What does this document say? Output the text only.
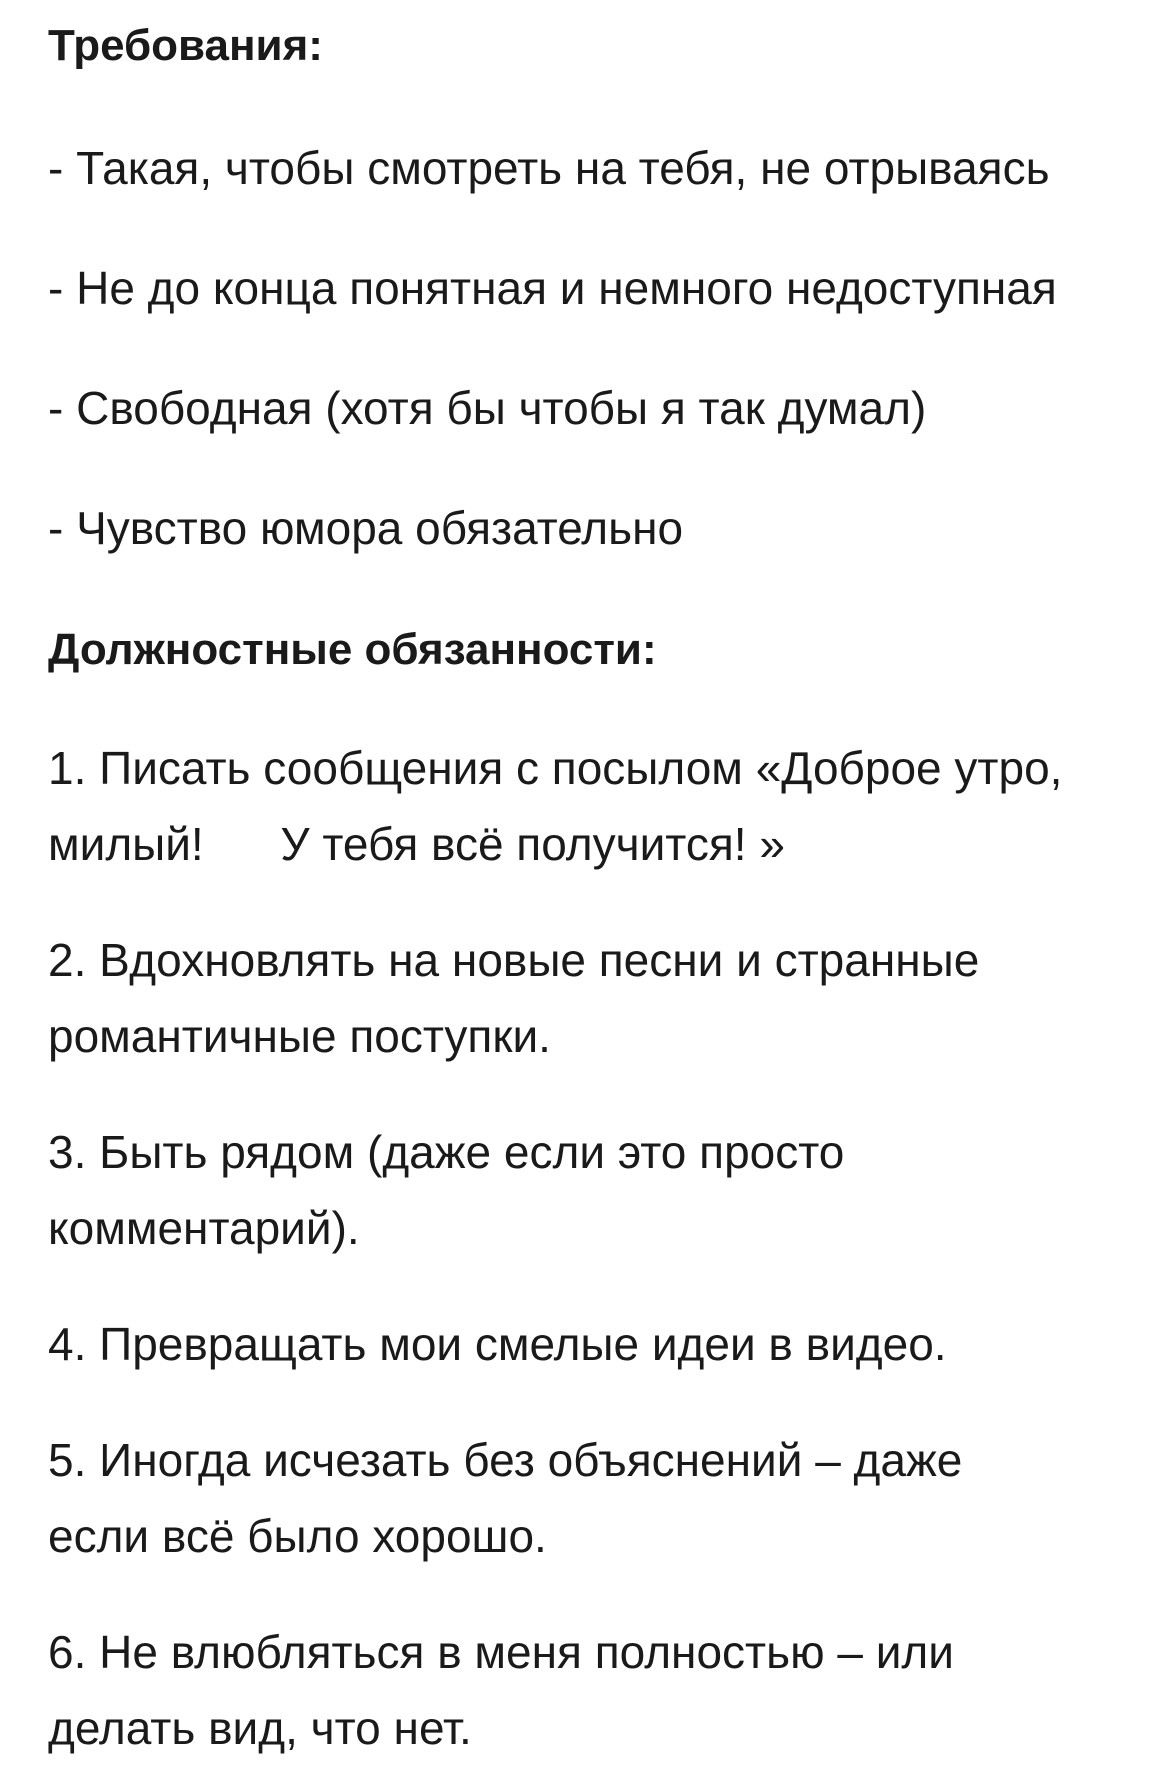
Требования:

- Такая, чтобы смотреть на тебя, не отрываясь

- Не до конца понятная и немного недоступная

- Свободная (хотя бы чтобы я так думал)

- Чувство юмора обязательно

Должностные обязанности:
1. Писать сообщения с посылом «Доброе утро,
милый!      У тебя всё получится! »
2. Вдохновлять на новые песни и странные
романтичные поступки.
3. Быть рядом (даже если это просто
комментарий).
4. Превращать мои смелые идеи в видео.
5. Иногда исчезать без объяснений – даже
если всё было хорошо.
6. Не влюбляться в меня полностью – или
делать вид, что нет.
